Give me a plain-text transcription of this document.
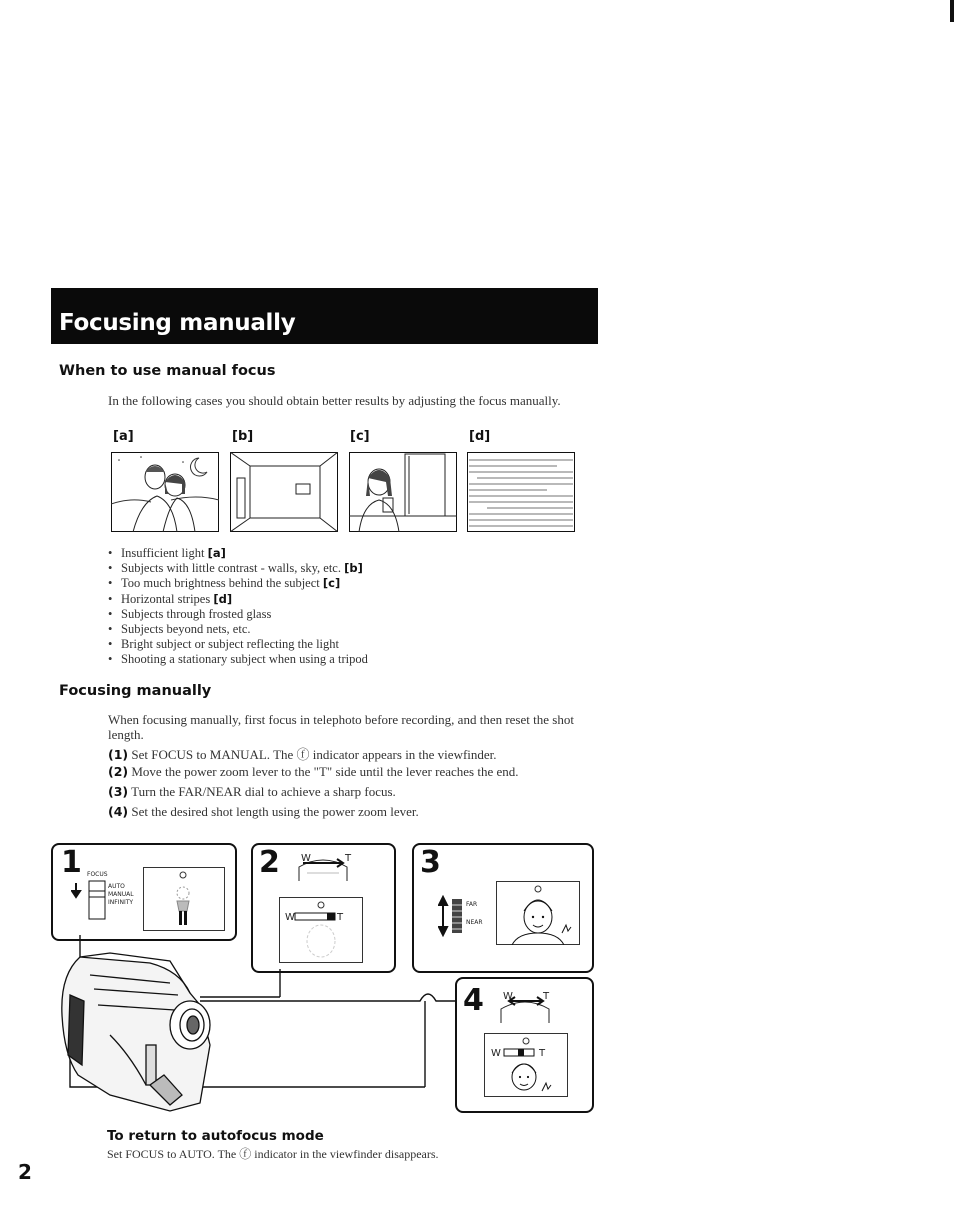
Focusing manually
When to use manual focus
In the following cases you should obtain better results by adjusting the focus manually.
[a]	[b]	[c]	[d]
• Insufficient light [a]
• Subjects with little contrast - walls, sky, etc. [b]
• Too much brightness behind the subject [c]
• Horizontal stripes [d]
• Subjects through frosted glass
• Subjects beyond nets, etc.
• Bright subject or subject reflecting the light
• Shooting a stationary subject when using a tripod
Focusing manually
When focusing manually, first focus in telephoto before recording, and then reset the shot length.
(1) Set FOCUS to MANUAL. The ⓕ indicator appears in the viewfinder.
(2) Move the power zoom lever to the "T" side until the lever reaches the end.
(3) Turn the FAR/NEAR dial to achieve a sharp focus.
(4) Set the desired shot length using the power zoom lever.
1 FOCUS
AUTO
MANUAL
INFINITY
2 W	T
W	T
3
FAR
NEAR
4 W	T
W	T
To return to autofocus mode
Set FOCUS to AUTO. The ⓕ indicator in the viewfinder disappears.
2
